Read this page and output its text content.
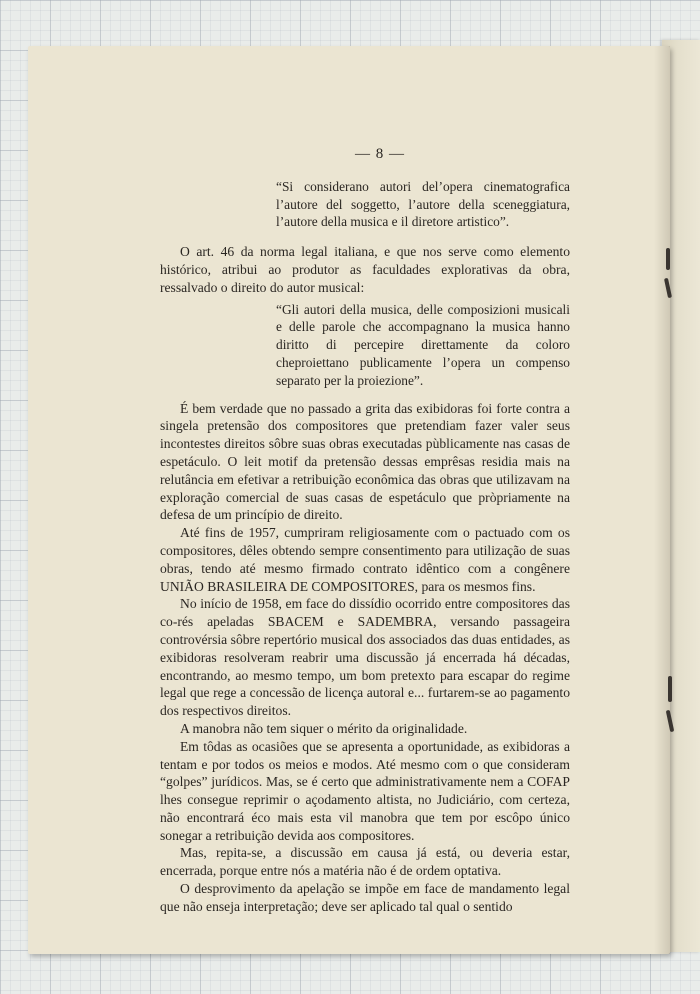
— 8 —

“Si considerano autori del’opera cinematografica l’autore del soggetto, l’autore della sceneggiatura, l’autore della musica e il diretore artistico”.

O art. 46 da norma legal italiana, e que nos serve como elemento histórico, atribui ao produtor as faculdades explorativas da obra, ressalvado o direito do autor musical:

“Gli autori della musica, delle composizioni musicali e delle parole che accompagnano la musica hanno diritto di percepire direttamente da coloro cheproiettano publicamente l’opera un compenso separato per la proiezione”.

É bem verdade que no passado a grita das exibidoras foi forte contra a singela pretensão dos compositores que pretendiam fazer valer seus incontestes direitos sôbre suas obras executadas pùblicamente nas casas de espetáculo. O leit motif da pretensão dessas emprêsas residia mais na relutância em efetivar a retribuição econômica das obras que utilizavam na exploração comercial de suas casas de espetáculo que pròpriamente na defesa de um princípio de direito.

Até fins de 1957, cumpriram religiosamente com o pactuado com os compositores, dêles obtendo sempre consentimento para utilização de suas obras, tendo até mesmo firmado contrato idêntico com a congênere UNIÃO BRASILEIRA DE COMPOSITORES, para os mesmos fins.

No início de 1958, em face do dissídio ocorrido entre compositores das co-rés apeladas SBACEM e SADEMBRA, versando passageira controvérsia sôbre repertório musical dos associados das duas entidades, as exibidoras resolveram reabrir uma discussão já encerrada há décadas, encontrando, ao mesmo tempo, um bom pretexto para escapar do regime legal que rege a concessão de licença autoral e... furtarem-se ao pagamento dos respectivos direitos.

A manobra não tem siquer o mérito da originalidade.

Em tôdas as ocasiões que se apresenta a oportunidade, as exibidoras a tentam e por todos os meios e modos. Até mesmo com o que consideram “golpes” jurídicos. Mas, se é certo que administrativamente nem a COFAP lhes consegue reprimir o açodamento altista, no Judiciário, com certeza, não encontrará éco mais esta vil manobra que tem por escôpo único sonegar a retribuição devida aos compositores.

Mas, repita-se, a discussão em causa já está, ou deveria estar, encerrada, porque entre nós a matéria não é de ordem optativa.

O desprovimento da apelação se impõe em face de mandamento legal que não enseja interpretação; deve ser aplicado tal qual o sentido
